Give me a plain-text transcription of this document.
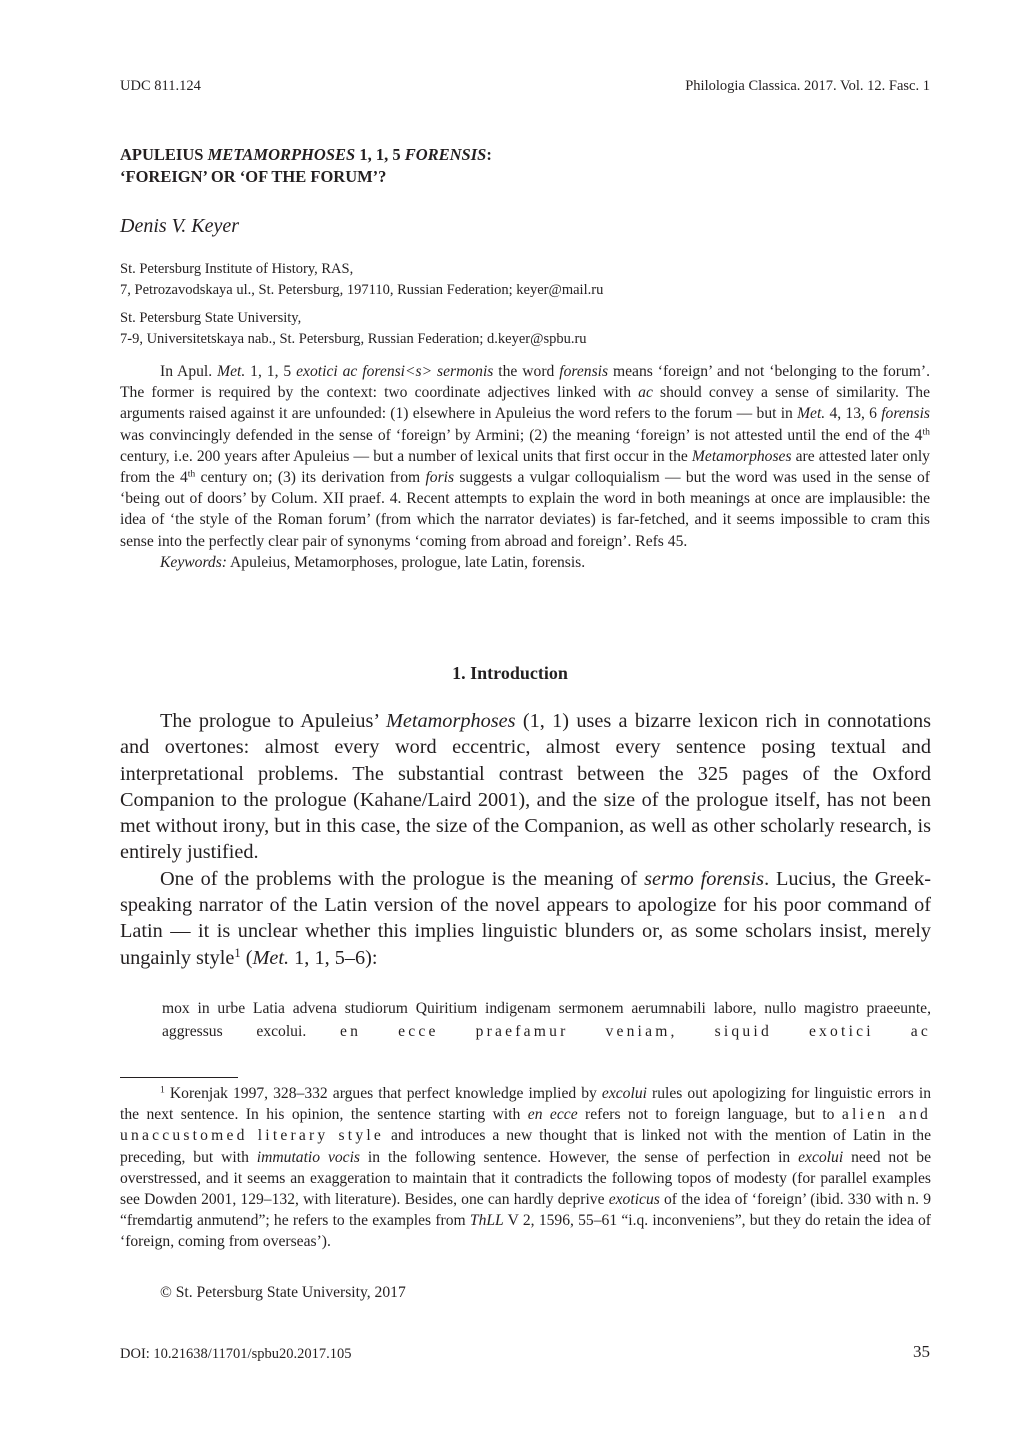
UDC 811.124	Philologia Classica. 2017. Vol. 12. Fasc. 1
APULEIUS METAMORPHOSES 1, 1, 5 FORENSIS:
‘FOREIGN’ OR ‘OF THE FORUM’?
Denis V. Keyer
St. Petersburg Institute of History, RAS,
7, Petrozavodskaya ul., St. Petersburg, 197110, Russian Federation; keyer@mail.ru
St. Petersburg State University,
7-9, Universitetskaya nab., St. Petersburg, Russian Federation; d.keyer@spbu.ru

In Apul. Met. 1, 1, 5 exotici ac forensi<s> sermonis the word forensis means ‘foreign’ and not ‘belonging to the forum’. The former is required by the context: two coordinate adjectives linked with ac should convey a sense of similarity. The arguments raised against it are unfounded: (1) elsewhere in Apuleius the word refers to the forum — but in Met. 4, 13, 6 forensis was convincingly defended in the sense of ‘foreign’ by Armini; (2) the meaning ‘foreign’ is not attested until the end of the 4th century, i.e. 200 years after Apuleius — but a number of lexical units that first occur in the Metamorphoses are attested later only from the 4th century on; (3) its derivation from foris suggests a vulgar colloquialism — but the word was used in the sense of ‘being out of doors’ by Colum. XII praef. 4. Recent attempts to explain the word in both meanings at once are implausible: the idea of ‘the style of the Roman forum’ (from which the narrator deviates) is far-fetched, and it seems impossible to cram this sense into the perfectly clear pair of synonyms ‘coming from abroad and foreign’. Refs 45.

Keywords: Apuleius, Metamorphoses, prologue, late Latin, forensis.

1. Introduction

The prologue to Apuleius’ Metamorphoses (1, 1) uses a bizarre lexicon rich in connotations and overtones: almost every word eccentric, almost every sentence posing textual and interpretational problems. The substantial contrast between the 325 pages of the Oxford Companion to the prologue (Kahane/Laird 2001), and the size of the prologue itself, has not been met without irony, but in this case, the size of the Companion, as well as other scholarly research, is entirely justified.

One of the problems with the prologue is the meaning of sermo forensis. Lucius, the Greek-speaking narrator of the Latin version of the novel appears to apologize for his poor command of Latin — it is unclear whether this implies linguistic blunders or, as some scholars insist, merely ungainly style$^1$ (Met. 1, 1, 5–6):

mox in urbe Latia advena studiorum Quiritium indigenam sermonem aerumnabili labore, nullo magistro praeeunte, aggressus excolui. en ecce praefamur veniam, siquid exotici ac

$^1$ Korenjak 1997, 328–332 argues that perfect knowledge implied by excolui rules out apologizing for linguistic errors in the next sentence. In his opinion, the sentence starting with en ecce refers not to foreign language, but to alien and unaccustomed literary style and introduces a new thought that is linked not with the mention of Latin in the preceding, but with immutatio vocis in the following sentence. However, the sense of perfection in excolui need not be overstressed, and it seems an exaggeration to maintain that it contradicts the following topos of modesty (for parallel examples see Dowden 2001, 129–132, with literature). Besides, one can hardly deprive exoticus of the idea of ‘foreign’ (ibid. 330 with n. 9 “fremdartig anmutend”; he refers to the examples from ThLL V 2, 1596, 55–61 “i.q. inconveniens”, but they do retain the idea of ‘foreign, coming from overseas’).

© St. Petersburg State University, 2017
DOI: 10.21638/11701/spbu20.2017.105	35
